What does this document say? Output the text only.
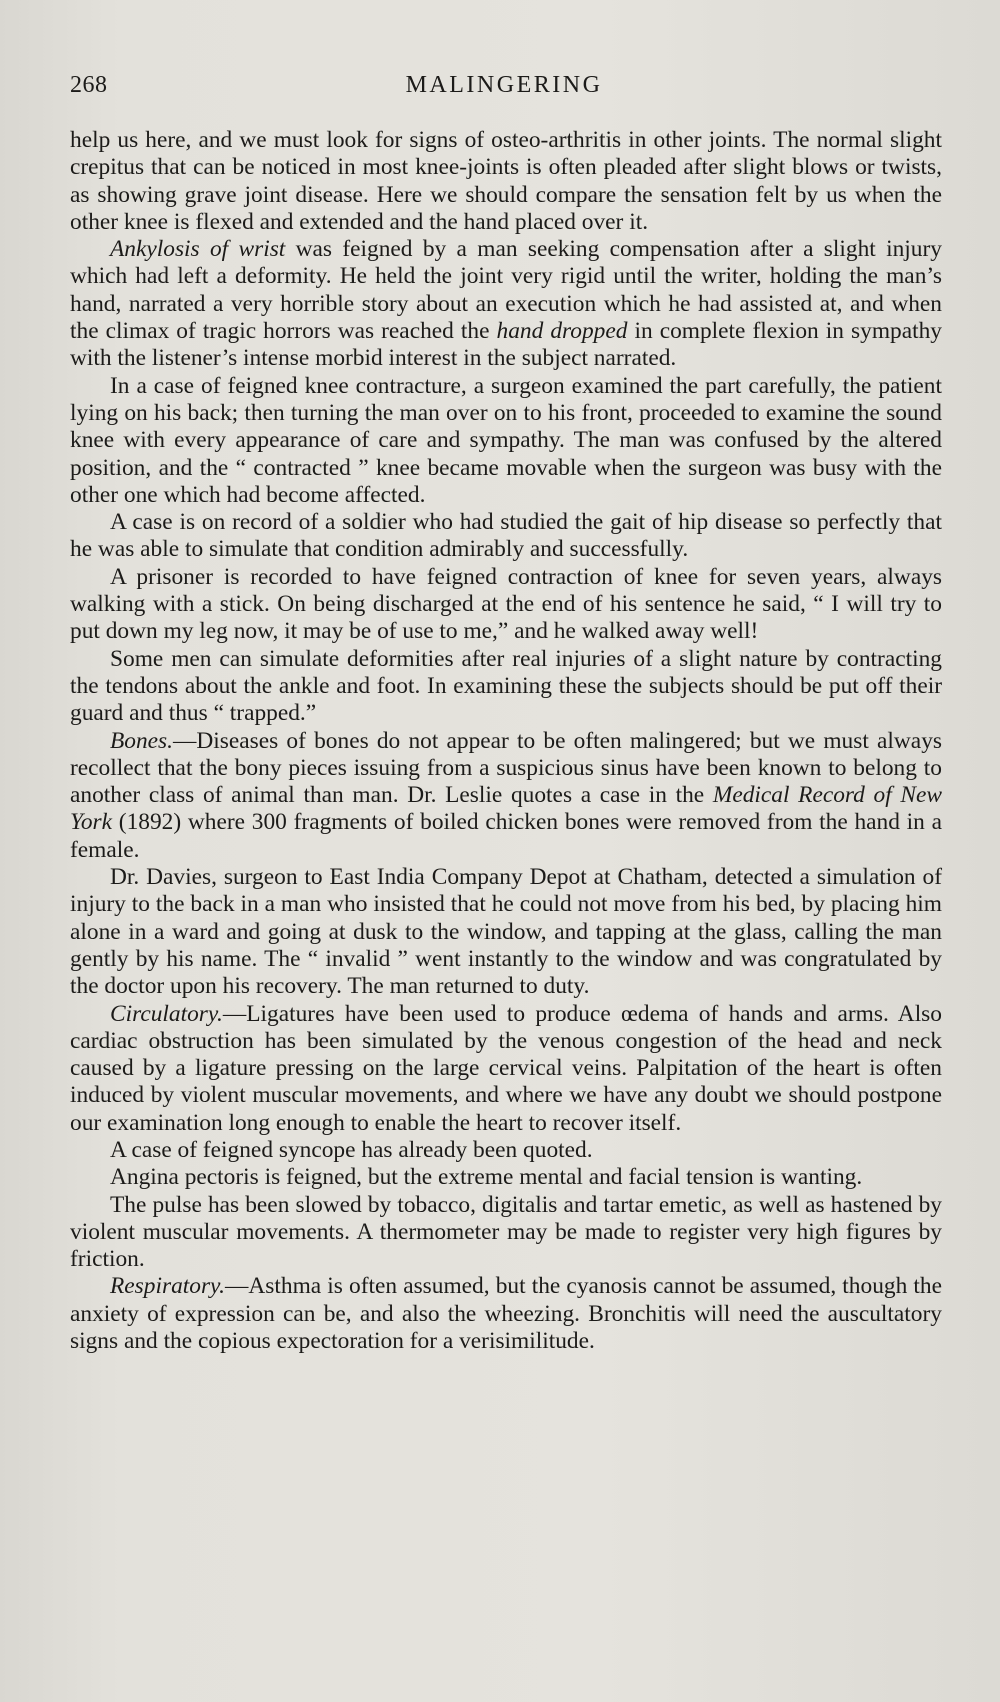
268	MALINGERING

help us here, and we must look for signs of osteo-arthritis in other joints. The normal slight crepitus that can be noticed in most knee-joints is often pleaded after slight blows or twists, as showing grave joint disease. Here we should compare the sensation felt by us when the other knee is flexed and extended and the hand placed over it.

Ankylosis of wrist was feigned by a man seeking compensation after a slight injury which had left a deformity. He held the joint very rigid until the writer, holding the man’s hand, narrated a very horrible story about an execution which he had assisted at, and when the climax of tragic horrors was reached the hand dropped in complete flexion in sympathy with the listener’s intense morbid interest in the subject narrated.

In a case of feigned knee contracture, a surgeon examined the part carefully, the patient lying on his back; then turning the man over on to his front, proceeded to examine the sound knee with every appearance of care and sympathy. The man was confused by the altered position, and the “ contracted ” knee became movable when the surgeon was busy with the other one which had become affected.

A case is on record of a soldier who had studied the gait of hip disease so perfectly that he was able to simulate that condition admirably and successfully.

A prisoner is recorded to have feigned contraction of knee for seven years, always walking with a stick. On being discharged at the end of his sentence he said, “ I will try to put down my leg now, it may be of use to me,” and he walked away well!

Some men can simulate deformities after real injuries of a slight nature by contracting the tendons about the ankle and foot. In examining these the subjects should be put off their guard and thus “ trapped.”

Bones.—Diseases of bones do not appear to be often malingered; but we must always recollect that the bony pieces issuing from a suspicious sinus have been known to belong to another class of animal than man. Dr. Leslie quotes a case in the Medical Record of New York (1892) where 300 fragments of boiled chicken bones were removed from the hand in a female.

Dr. Davies, surgeon to East India Company Depot at Chatham, detected a simulation of injury to the back in a man who insisted that he could not move from his bed, by placing him alone in a ward and going at dusk to the window, and tapping at the glass, calling the man gently by his name. The “ invalid ” went instantly to the window and was congratulated by the doctor upon his recovery. The man returned to duty.

Circulatory.—Ligatures have been used to produce œdema of hands and arms. Also cardiac obstruction has been simulated by the venous congestion of the head and neck caused by a ligature pressing on the large cervical veins. Palpitation of the heart is often induced by violent muscular movements, and where we have any doubt we should postpone our examination long enough to enable the heart to recover itself.

A case of feigned syncope has already been quoted.

Angina pectoris is feigned, but the extreme mental and facial tension is wanting.

The pulse has been slowed by tobacco, digitalis and tartar emetic, as well as hastened by violent muscular movements. A thermometer may be made to register very high figures by friction.

Respiratory.—Asthma is often assumed, but the cyanosis cannot be assumed, though the anxiety of expression can be, and also the wheezing. Bronchitis will need the auscultatory signs and the copious expectoration for a verisimilitude.
